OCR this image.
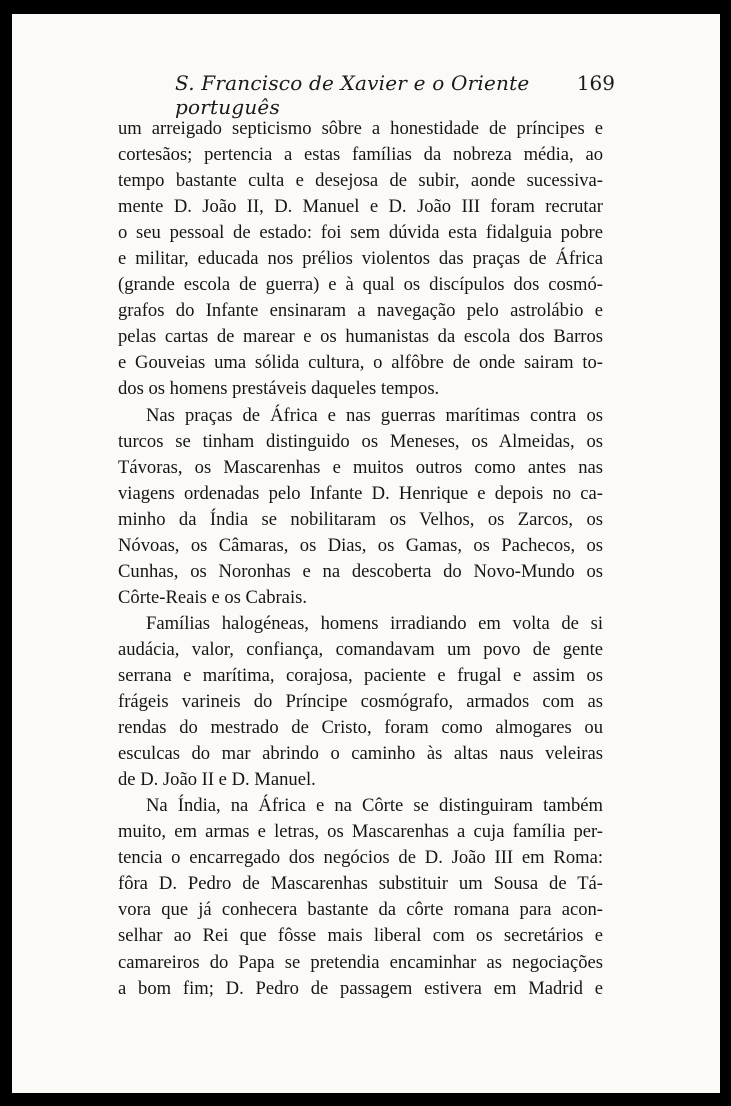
S. Francisco de Xavier e o Oriente português
169
um arreigado septicismo sôbre a honestidade de príncipes e
cortesãos; pertencia a estas famílias da nobreza média, ao
tempo bastante culta e desejosa de subir, aonde sucessiva-
mente D. João II, D. Manuel e D. João III foram recrutar
o seu pessoal de estado: foi sem dúvida esta fidalguia pobre
e militar, educada nos prélios violentos das praças de África
(grande escola de guerra) e à qual os discípulos dos cosmó-
grafos do Infante ensinaram a navegação pelo astrolábio e
pelas cartas de marear e os humanistas da escola dos Barros
e Gouveias uma sólida cultura, o alfôbre de onde sairam to-
dos os homens prestáveis daqueles tempos.
Nas praças de África e nas guerras marítimas contra os
turcos se tinham distinguido os Meneses, os Almeidas, os
Távoras, os Mascarenhas e muitos outros como antes nas
viagens ordenadas pelo Infante D. Henrique e depois no ca-
minho da Índia se nobilitaram os Velhos, os Zarcos, os
Nóvoas, os Câmaras, os Dias, os Gamas, os Pachecos, os
Cunhas, os Noronhas e na descoberta do Novo-Mundo os
Côrte-Reais e os Cabrais.
Famílias halogéneas, homens irradiando em volta de si
audácia, valor, confiança, comandavam um povo de gente
serrana e marítima, corajosa, paciente e frugal e assim os
frágeis varineis do Príncipe cosmógrafo, armados com as
rendas do mestrado de Cristo, foram como almogares ou
esculcas do mar abrindo o caminho às altas naus veleiras
de D. João II e D. Manuel.
Na Índia, na África e na Côrte se distinguiram também
muito, em armas e letras, os Mascarenhas a cuja família per-
tencia o encarregado dos negócios de D. João III em Roma:
fôra D. Pedro de Mascarenhas substituir um Sousa de Tá-
vora que já conhecera bastante da côrte romana para acon-
selhar ao Rei que fôsse mais liberal com os secretários e
camareiros do Papa se pretendia encaminhar as negociações
a bom fim; D. Pedro de passagem estivera em Madrid e
